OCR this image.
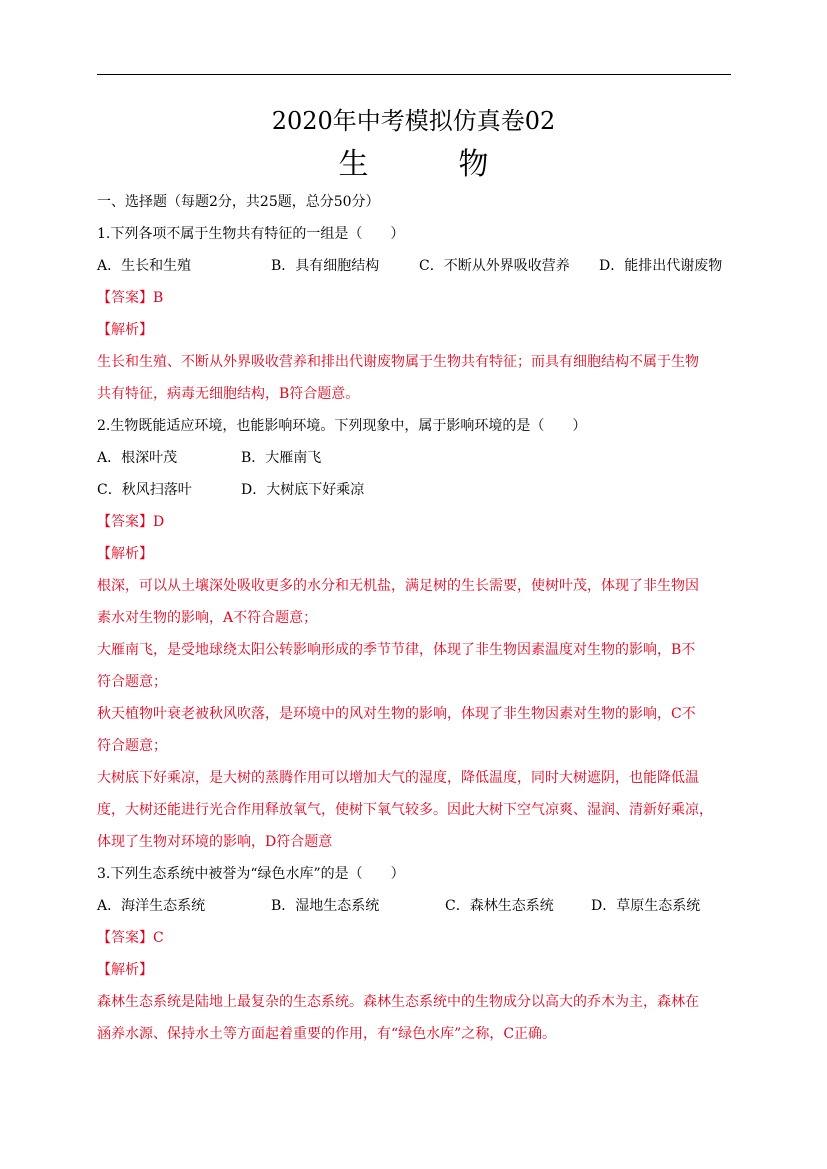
2020年中考模拟仿真卷02
生　物
一、选择题（每题2分，共25题，总分50分）
1.下列各项不属于生物共有特征的一组是（　　）
A．生长和生殖	B．具有细胞结构	C．不断从外界吸收营养 D．能排出代谢废物
【答案】B
【解析】
生长和生殖、不断从外界吸收营养和排出代谢废物属于生物共有特征；而具有细胞结构不属于生物
共有特征，病毒无细胞结构，B符合题意。
2.生物既能适应环境，也能影响环境。下列现象中，属于影响环境的是（　　）
A．根深叶茂	B．大雁南飞
C．秋风扫落叶	D．大树底下好乘凉
【答案】D
【解析】
根深，可以从土壤深处吸收更多的水分和无机盐，满足树的生长需要，使树叶茂，体现了非生物因
素水对生物的影响，A不符合题意；
大雁南飞，是受地球绕太阳公转影响形成的季节节律，体现了非生物因素温度对生物的影响，B不
符合题意；
秋天植物叶衰老被秋风吹落，是环境中的风对生物的影响，体现了非生物因素对生物的影响，C不
符合题意；
大树底下好乘凉，是大树的蒸腾作用可以增加大气的湿度，降低温度，同时大树遮阴，也能降低温
度，大树还能进行光合作用释放氧气，使树下氧气较多。因此大树下空气凉爽、湿润、清新好乘凉，
体现了生物对环境的影响，D符合题意
3.下列生态系统中被誉为“绿色水库”的是（　　）
A．海洋生态系统	B．湿地生态系统	C．森林生态系统	D．草原生态系统
【答案】C
【解析】
森林生态系统是陆地上最复杂的生态系统。森林生态系统中的生物成分以高大的乔木为主，森林在
涵养水源、保持水土等方面起着重要的作用，有“绿色水库”之称，C正确。
